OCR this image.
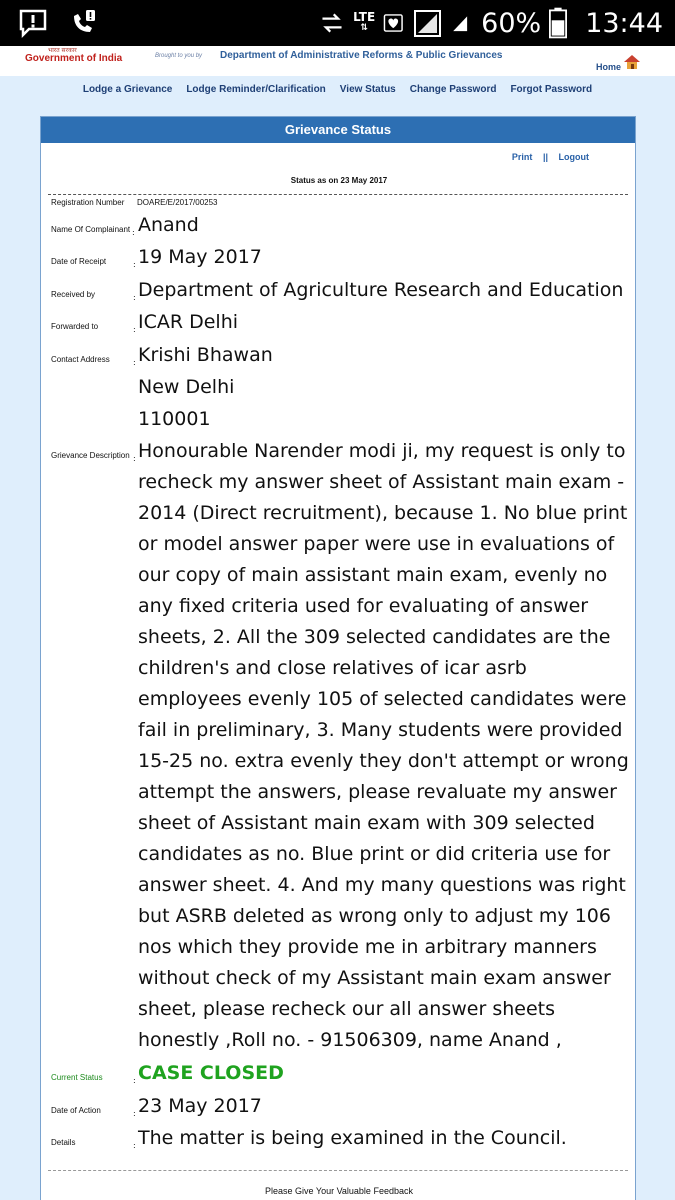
LTE
⇅	60% 13:44
भारत सरकार
Government of India	Brought to you by Department of Administrative Reforms & Public Grievances
Home
Lodge a Grievance Lodge Reminder/Clarification View Status Change Password Forgot Password
Grievance Status
Print || Logout
Status as on 23 May 2017
Registration Number DOARE/E/2017/00253
Name Of Complainant : Anand
Date of Receipt	: 19 May 2017
Received by	: Department of Agriculture Research and Education
Forwarded to	: ICAR Delhi
Contact Address	: Krishi Bhawan
New Delhi
110001
Grievance Description : Honourable Narender modi ji, my request is only to recheck my answer sheet of Assistant main exam - 2014 (Direct recruitment), because 1. No blue print or model answer paper were use in evaluations of our copy of main assistant main exam, evenly no any fixed criteria used for evaluating of answer sheets, 2. All the 309 selected candidates are the children's and close relatives of icar asrb employees evenly 105 of selected candidates were fail in preliminary, 3. Many students were provided 15-25 no. extra evenly they don't attempt or wrong attempt the answers, please revaluate my answer sheet of Assistant main exam with 309 selected candidates as no. Blue print or did criteria use for answer sheet. 4. And my many questions was right but ASRB deleted as wrong only to adjust my 106 nos which they provide me in arbitrary manners without check of my Assistant main exam answer sheet, please recheck our all answer sheets honestly ,Roll no. - 91506309, name Anand ,
Current Status	: CASE CLOSED
Date of Action	: 23 May 2017
Details	: The matter is being examined in the Council.
Please Give Your Valuable Feedback
